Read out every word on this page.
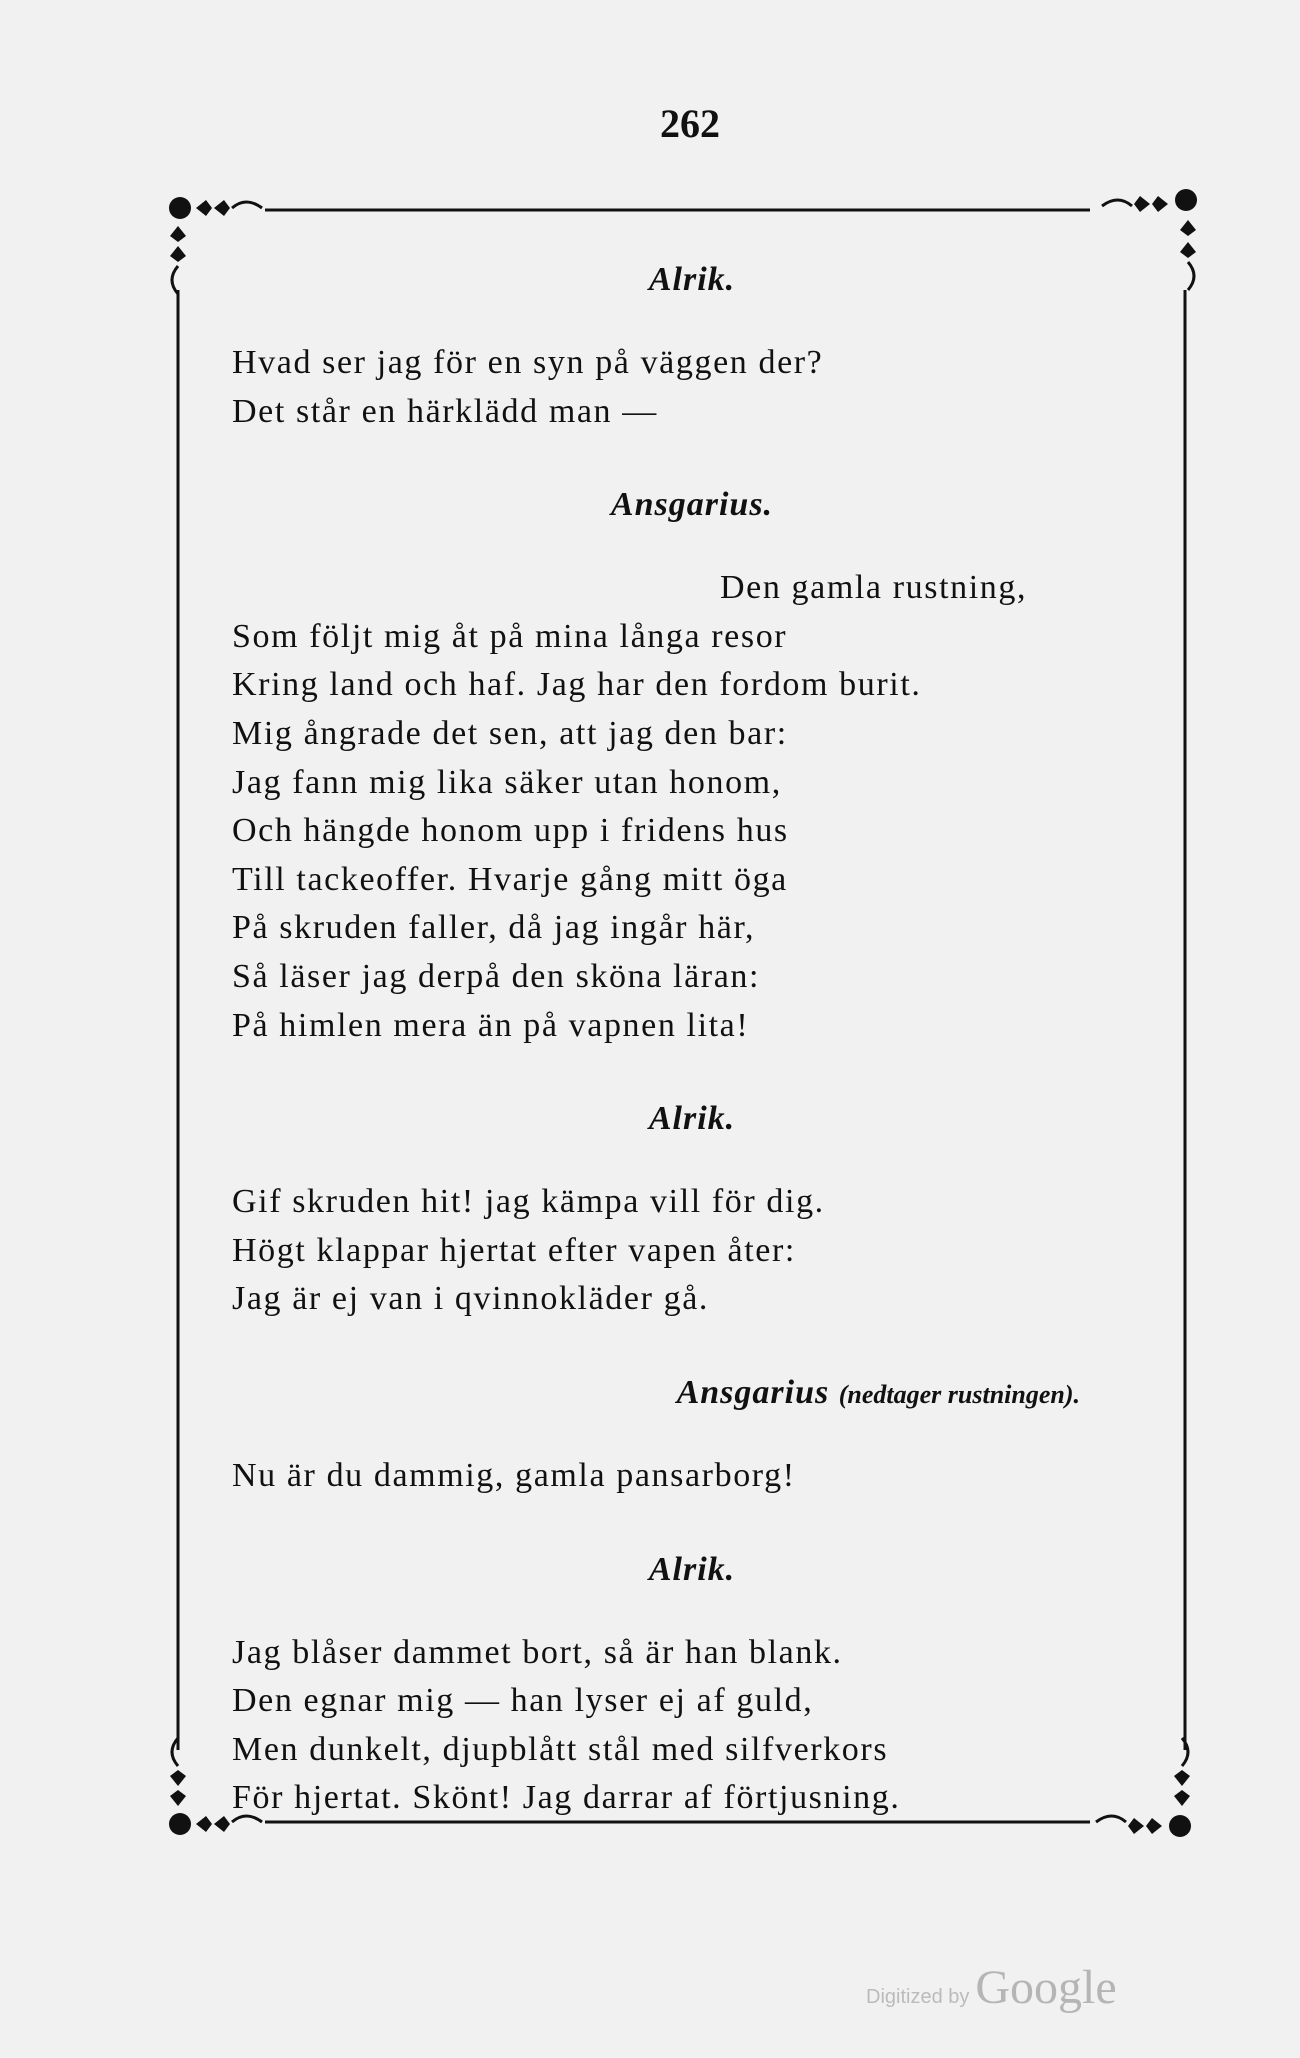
262
Alrik.
Hvad ser jag för en syn på väggen der?
Det står en härklädd man —
Ansgarius.
Den gamla rustning,
Som följt mig åt på mina långa resor
Kring land och haf. Jag har den fordom burit.
Mig ångrade det sen, att jag den bar:
Jag fann mig lika säker utan honom,
Och hängde honom upp i fridens hus
Till tackeoffer. Hvarje gång mitt öga
På skruden faller, då jag ingår här,
Så läser jag derpå den sköna läran:
På himlen mera än på vapnen lita!
Alrik.
Gif skruden hit! jag kämpa vill för dig.
Högt klappar hjertat efter vapen åter:
Jag är ej van i qvinnokläder gå.
Ansgarius (nedtager rustningen).
Nu är du dammig, gamla pansarborg!
Alrik.
Jag blåser dammet bort, så är han blank.
Den egnar mig — han lyser ej af guld,
Men dunkelt, djupblått stål med silfverkors
För hjertat. Skönt! Jag darrar af förtjusning.
Digitized by Google
